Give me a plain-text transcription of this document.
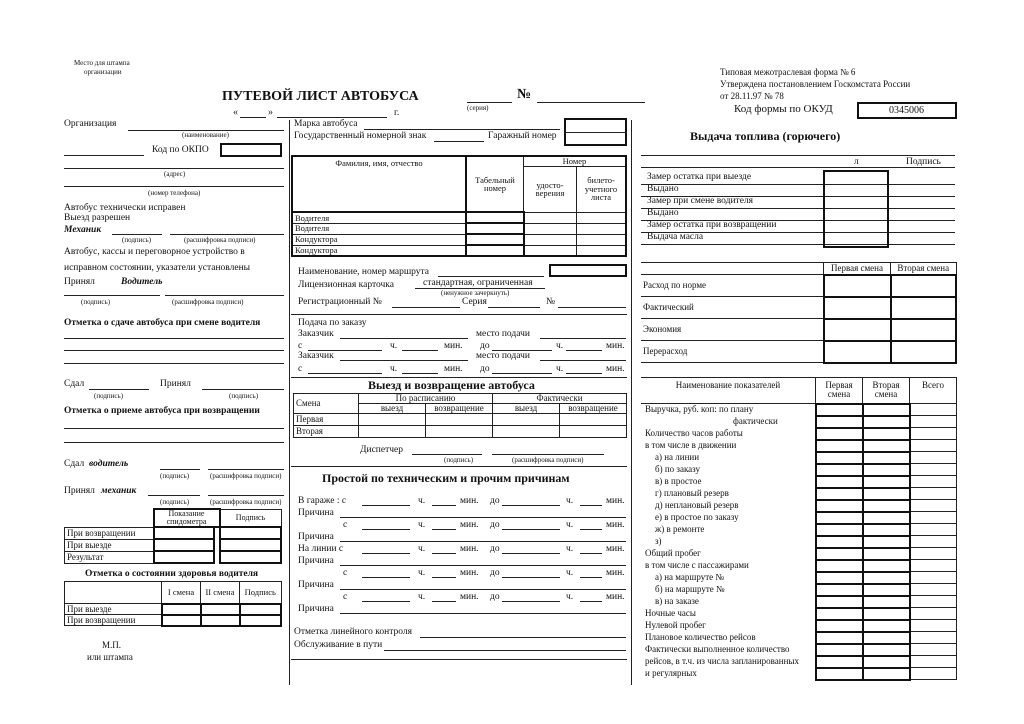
Место для штампа
организации
ПУТЕВОЙ ЛИСТ АВТОБУСА
(серия)
№
«	»	г.
Типовая межотраслевая форма № 6
Утверждена постановлением Госкомстата России
от 28.11.97 № 78
Код формы по ОКУД	0345006
Организация
(наименование)
Код по ОКПО
(адрес)
(номер телефона)
Автобус технически исправен
Выезд разрешен
Механик
(подпись)	(расшифровка подписи)
Автобус, кассы и переговорное устройство в
исправном состоянии, указатели установлены
Принял	Водитель
(подпись)	(расшифровка подписи)
Отметка о сдаче автобуса при смене водителя
Сдал	Принял
(подпись)	(подпись)
Отметка о приеме автобуса при возвращении
Сдал водитель
(подпись)	(расшифровка подписи)
Принял механик
(подпись)	(расшифровка подписи)
	Показание спидометра		Подпись
При возвращении			
При выезде			
Результат			
Отметка о состоянии здоровья водителя
	I смена	II смена	Подпись
При выезде			
При возвращении			
М.П.
или штампа
Марка автобуса
Государственный номерной знак	Гаражный номер
Фамилия, имя, отчество	Табельный номер	Номер	
		удосто-верения	билето-учетного листа
Водителя			
Водителя			
Кондуктора			
Кондуктора			
Наименование, номер маршрута
Лицензионная карточка	стандартная, ограниченная
(ненужное зачеркнуть)
Регистрационный №	Серия	№
Подача по заказу
Заказчик	место подачи
с	ч.	мин. до	ч.	мин.
Заказчик	место подачи
с	ч.	мин. до	ч.	мин.
Выезд и возвращение автобуса
Смена	По расписанию		Фактически	
	выезд	возвращение	выезд	возвращение
Первая				
Вторая				
Диспетчер
(подпись)	(расшифровка подписи)
Простой по техническим и прочим причинам
В гараже : с	ч.	мин. до	ч.	мин.
Причина
с	ч.	мин. до	ч.	мин.
Причина
На линии с	ч.	мин. до	ч.	мин.
Причина
с	ч.	мин. до	ч.	мин.
Причина
с	ч.	мин. до	ч.	мин.
Причина
Отметка линейного контроля
Обслуживание в пути
Выдача топлива (горючего)
л	Подпись
Замер остатка при выезде
Выдано
Замер при смене водителя
Выдано
Замер остатка при возвращении
Выдача масла
	Первая смена	Вторая смена
Расход по норме		
Фактический		
Экономия		
Перерасход		
Наименование показателей	Первая смена	Вторая смена	Всего
Выручка, руб. коп: по плану			
фактически			
Количество часов работы			
в том числе в движении			
а) на линии			
б) по заказу			
в) в простое			
г) плановый резерв			
д) неплановый резерв			
е) в простое по заказу			
ж) в ремонте			
з)			
Общий пробег			
в том числе с пассажирами			
а) на маршруте №			
б) на маршруте №			
в) на заказе			
Ночные часы			
Нулевой пробег			
Плановое количество рейсов			
Фактически выполненное количество			
рейсов, в т.ч. из числа запланированных			
и регулярных			
